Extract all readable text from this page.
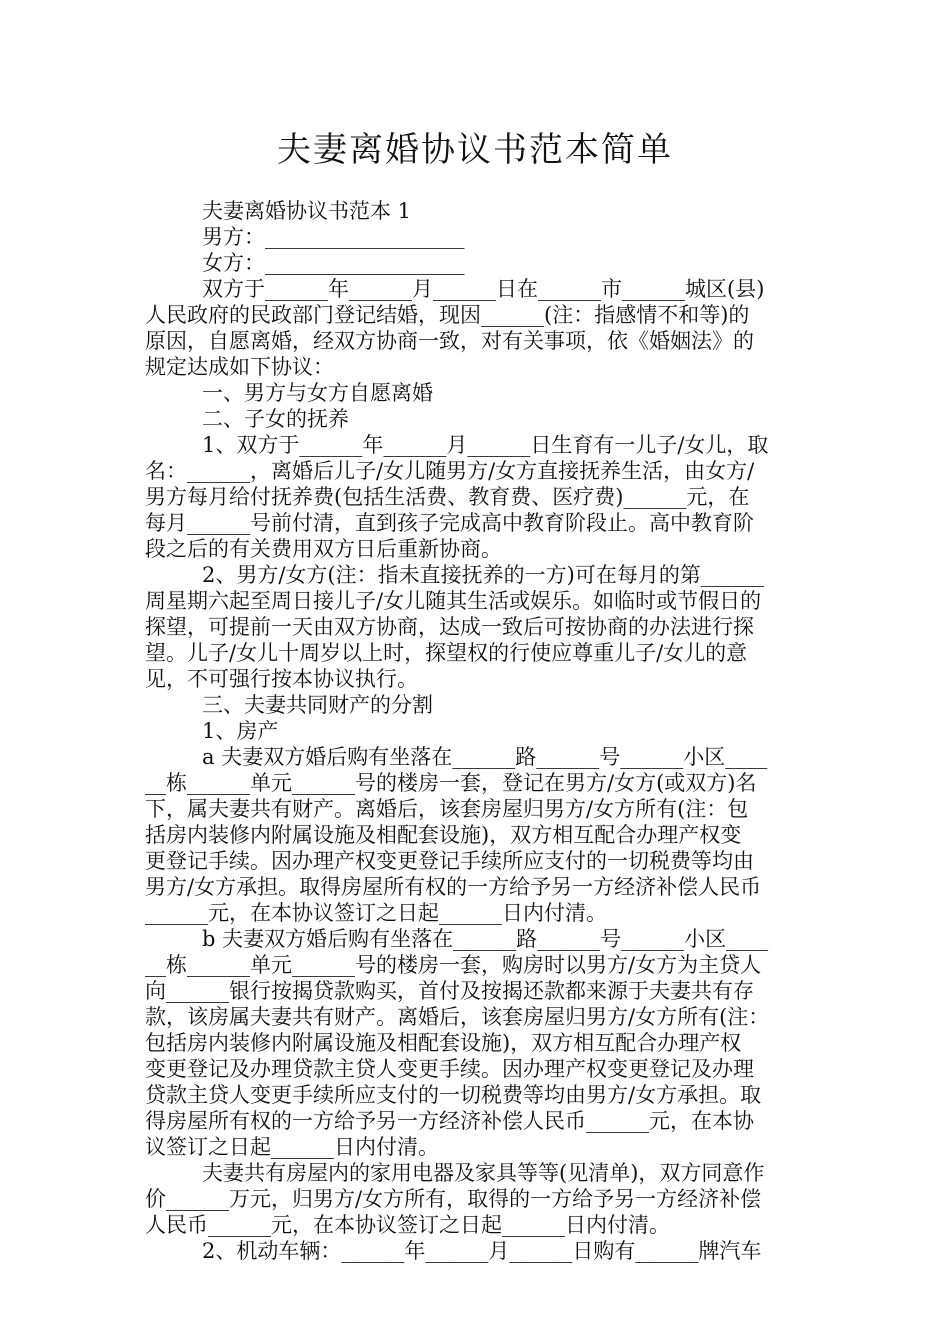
夫妻离婚协议书范本简单
夫妻离婚协议书范本 1
男方：___________________
女方：___________________
双方于______年______月______日在______市______城区(县)
人民政府的民政部门登记结婚，现因______(注：指感情不和等)的
原因，自愿离婚，经双方协商一致，对有关事项，依《婚姻法》的
规定达成如下协议：
一、男方与女方自愿离婚
二、子女的抚养
1、双方于______年______月______日生育有一儿子/女儿，取
名：______，离婚后儿子/女儿随男方/女方直接抚养生活，由女方/
男方每月给付抚养费(包括生活费、教育费、医疗费)______元，在
每月______号前付清，直到孩子完成高中教育阶段止。高中教育阶
段之后的有关费用双方日后重新协商。
2、男方/女方(注：指未直接抚养的一方)可在每月的第______
周星期六起至周日接儿子/女儿随其生活或娱乐。如临时或节假日的
探望，可提前一天由双方协商，达成一致后可按协商的办法进行探
望。儿子/女儿十周岁以上时，探望权的行使应尊重儿子/女儿的意
见，不可强行按本协议执行。
三、夫妻共同财产的分割
1、房产
a 夫妻双方婚后购有坐落在______路______号______小区____
__栋______单元______号的楼房一套，登记在男方/女方(或双方)名
下，属夫妻共有财产。离婚后，该套房屋归男方/女方所有(注：包
括房内装修内附属设施及相配套设施)，双方相互配合办理产权变
更登记手续。因办理产权变更登记手续所应支付的一切税费等均由
男方/女方承担。取得房屋所有权的一方给予另一方经济补偿人民币
______元，在本协议签订之日起______日内付清。
b 夫妻双方婚后购有坐落在______路______号______小区____
__栋______单元______号的楼房一套，购房时以男方/女方为主贷人
向______银行按揭贷款购买，首付及按揭还款都来源于夫妻共有存
款，该房属夫妻共有财产。离婚后，该套房屋归男方/女方所有(注：
包括房内装修内附属设施及相配套设施)，双方相互配合办理产权
变更登记及办理贷款主贷人变更手续。因办理产权变更登记及办理
贷款主贷人变更手续所应支付的一切税费等均由男方/女方承担。取
得房屋所有权的一方给予另一方经济补偿人民币______元，在本协
议签订之日起______日内付清。
夫妻共有房屋内的家用电器及家具等等(见清单)，双方同意作
价______万元，归男方/女方所有，取得的一方给予另一方经济补偿
人民币______元，在本协议签订之日起______日内付清。
2、机动车辆：______年______月______日购有______牌汽车
